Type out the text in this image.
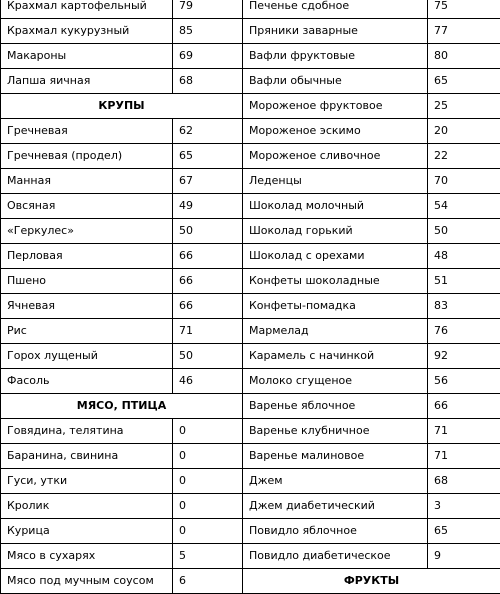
Крахмал картофельный	79	Печенье сдобное	75
Крахмал кукурузный	85	Пряники заварные	77
Макароны	69	Вафли фруктовые	80
Лапша яичная	68	Вафли обычные	65
КРУПЫ		Мороженое фруктовое	25
Гречневая	62	Мороженое эскимо	20
Гречневая (продел)	65	Мороженое сливочное	22
Манная	67	Леденцы	70
Овсяная	49	Шоколад молочный	54
«Геркулес»	50	Шоколад горький	50
Перловая	66	Шоколад с орехами	48
Пшено	66	Конфеты шоколадные	51
Ячневая	66	Конфеты-помадка	83
Рис	71	Мармелад	76
Горох лущеный	50	Карамель с начинкой	92
Фасоль	46	Молоко сгущеное	56
МЯСО, ПТИЦА		Варенье яблочное	66
Говядина, телятина	0	Варенье клубничное	71
Баранина, свинина	0	Варенье малиновое	71
Гуси, утки	0	Джем	68
Кролик	0	Джем диабетический	3
Курица	0	Повидло яблочное	65
Мясо в сухарях	5	Повидло диабетическое	9
Мясо под мучным соусом	6	ФРУКТЫ	
